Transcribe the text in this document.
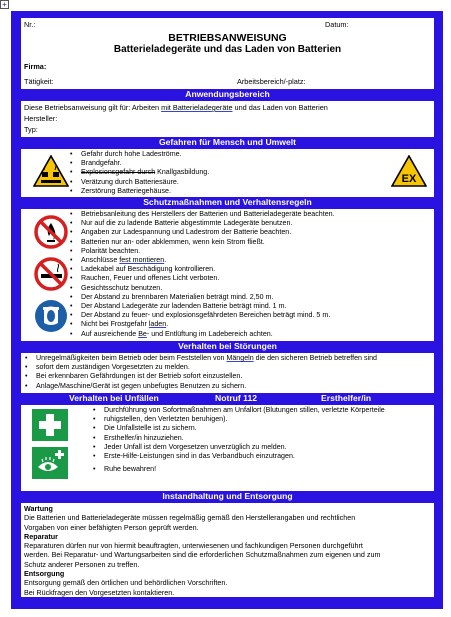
+
Nr.:	Datum:
BETRIEBSANWEISUNG
Batterieladegeräte und das Laden von Batterien
Firma:
Tätigkeit:	Arbeitsbereich/-platz:
Anwendungsbereich
Diese Betriebsanweisung gilt für: Arbeiten mit Batterieladegeräte und das Laden von Batterien
Hersteller:
Typ:
Gefahren für Mensch und Umwelt
• Gefahr durch hohe Ladeströme.
• Brandgefahr.
• Explosionsgefahr durch Knallgasbildung.
• Verätzung durch Batteriesäure.
• Zerstörung Batteriegehäuse.
EX
Schutzmaßnahmen und Verhaltensregeln
• Betriebsanleitung des Herstellers der Batterien und Batterieladegeräte beachten.
• Nur auf die zu ladende Batterie abgestimmte Ladegeräte benutzen.
• Angaben zur Ladespannung und Ladestrom der Batterie beachten.
• Batterien nur an- oder abklemmen, wenn kein Strom fließt.
• Polarität beachten.
• Anschlüsse fest montieren.
• Ladekabel auf Beschädigung kontrollieren.
• Rauchen, Feuer und offenes Licht verboten.
• Gesichtsschutz benutzen.
• Der Abstand zu brennbaren Materialien beträgt mind. 2,50 m.
• Der Abstand Ladegeräte zur ladenden Batterie beträgt mind. 1 m.
• Der Abstand zu feuer- und explosionsgefährdeten Bereichen beträgt mind. 5 m.
• Nicht bei Frostgefahr laden.
• Auf ausreichende Be- und Entlüftung im Ladebereich achten.
Verhalten bei Störungen
• Unregelmäßigkeiten beim Betrieb oder beim Feststellen von Mängeln die den sicheren Betrieb betreffen sind
• sofort dem zuständigen Vorgesetzten zu melden.
• Bei erkennbaren Gefährdungen ist der Betrieb sofort einzustellen.
• Anlage/Maschine/Gerät ist gegen unbefugtes Benutzen zu sichern.
Verhalten bei Unfällen	Notruf 112	Ersthelfer/in
• Durchführung von Sofortmaßnahmen am Unfallort (Blutungen stillen, verletzte Körperteile
• ruhigstellen, den Verletzten beruhigen).
• Die Unfallstelle ist zu sichern.
• Ersthelfer/in hinzuziehen.
• Jeder Unfall ist dem Vorgesetzen unverzüglich zu melden.
• Erste-Hilfe-Leistungen sind in das Verbandbuch einzutragen.
• Ruhe bewahren!
Instandhaltung und Entsorgung
Wartung
Die Batterien und Batterieladegeräte müssen regelmäßig gemäß den Herstellerangaben und rechtlichen
Vorgaben von einer befähigten Person geprüft werden.
Reparatur
Reparaturen dürfen nur von hiermit beauftragten, unterwiesenen und fachkundigen Personen durchgeführt
werden. Bei Reparatur- und Wartungsarbeiten sind die erforderlichen Schutzmaßnahmen zum eigenen und zum
Schutz anderer Personen zu treffen.
Entsorgung
Entsorgung gemäß den örtlichen und behördlichen Vorschriften.
Bei Rückfragen den Vorgesetzten kontaktieren.
